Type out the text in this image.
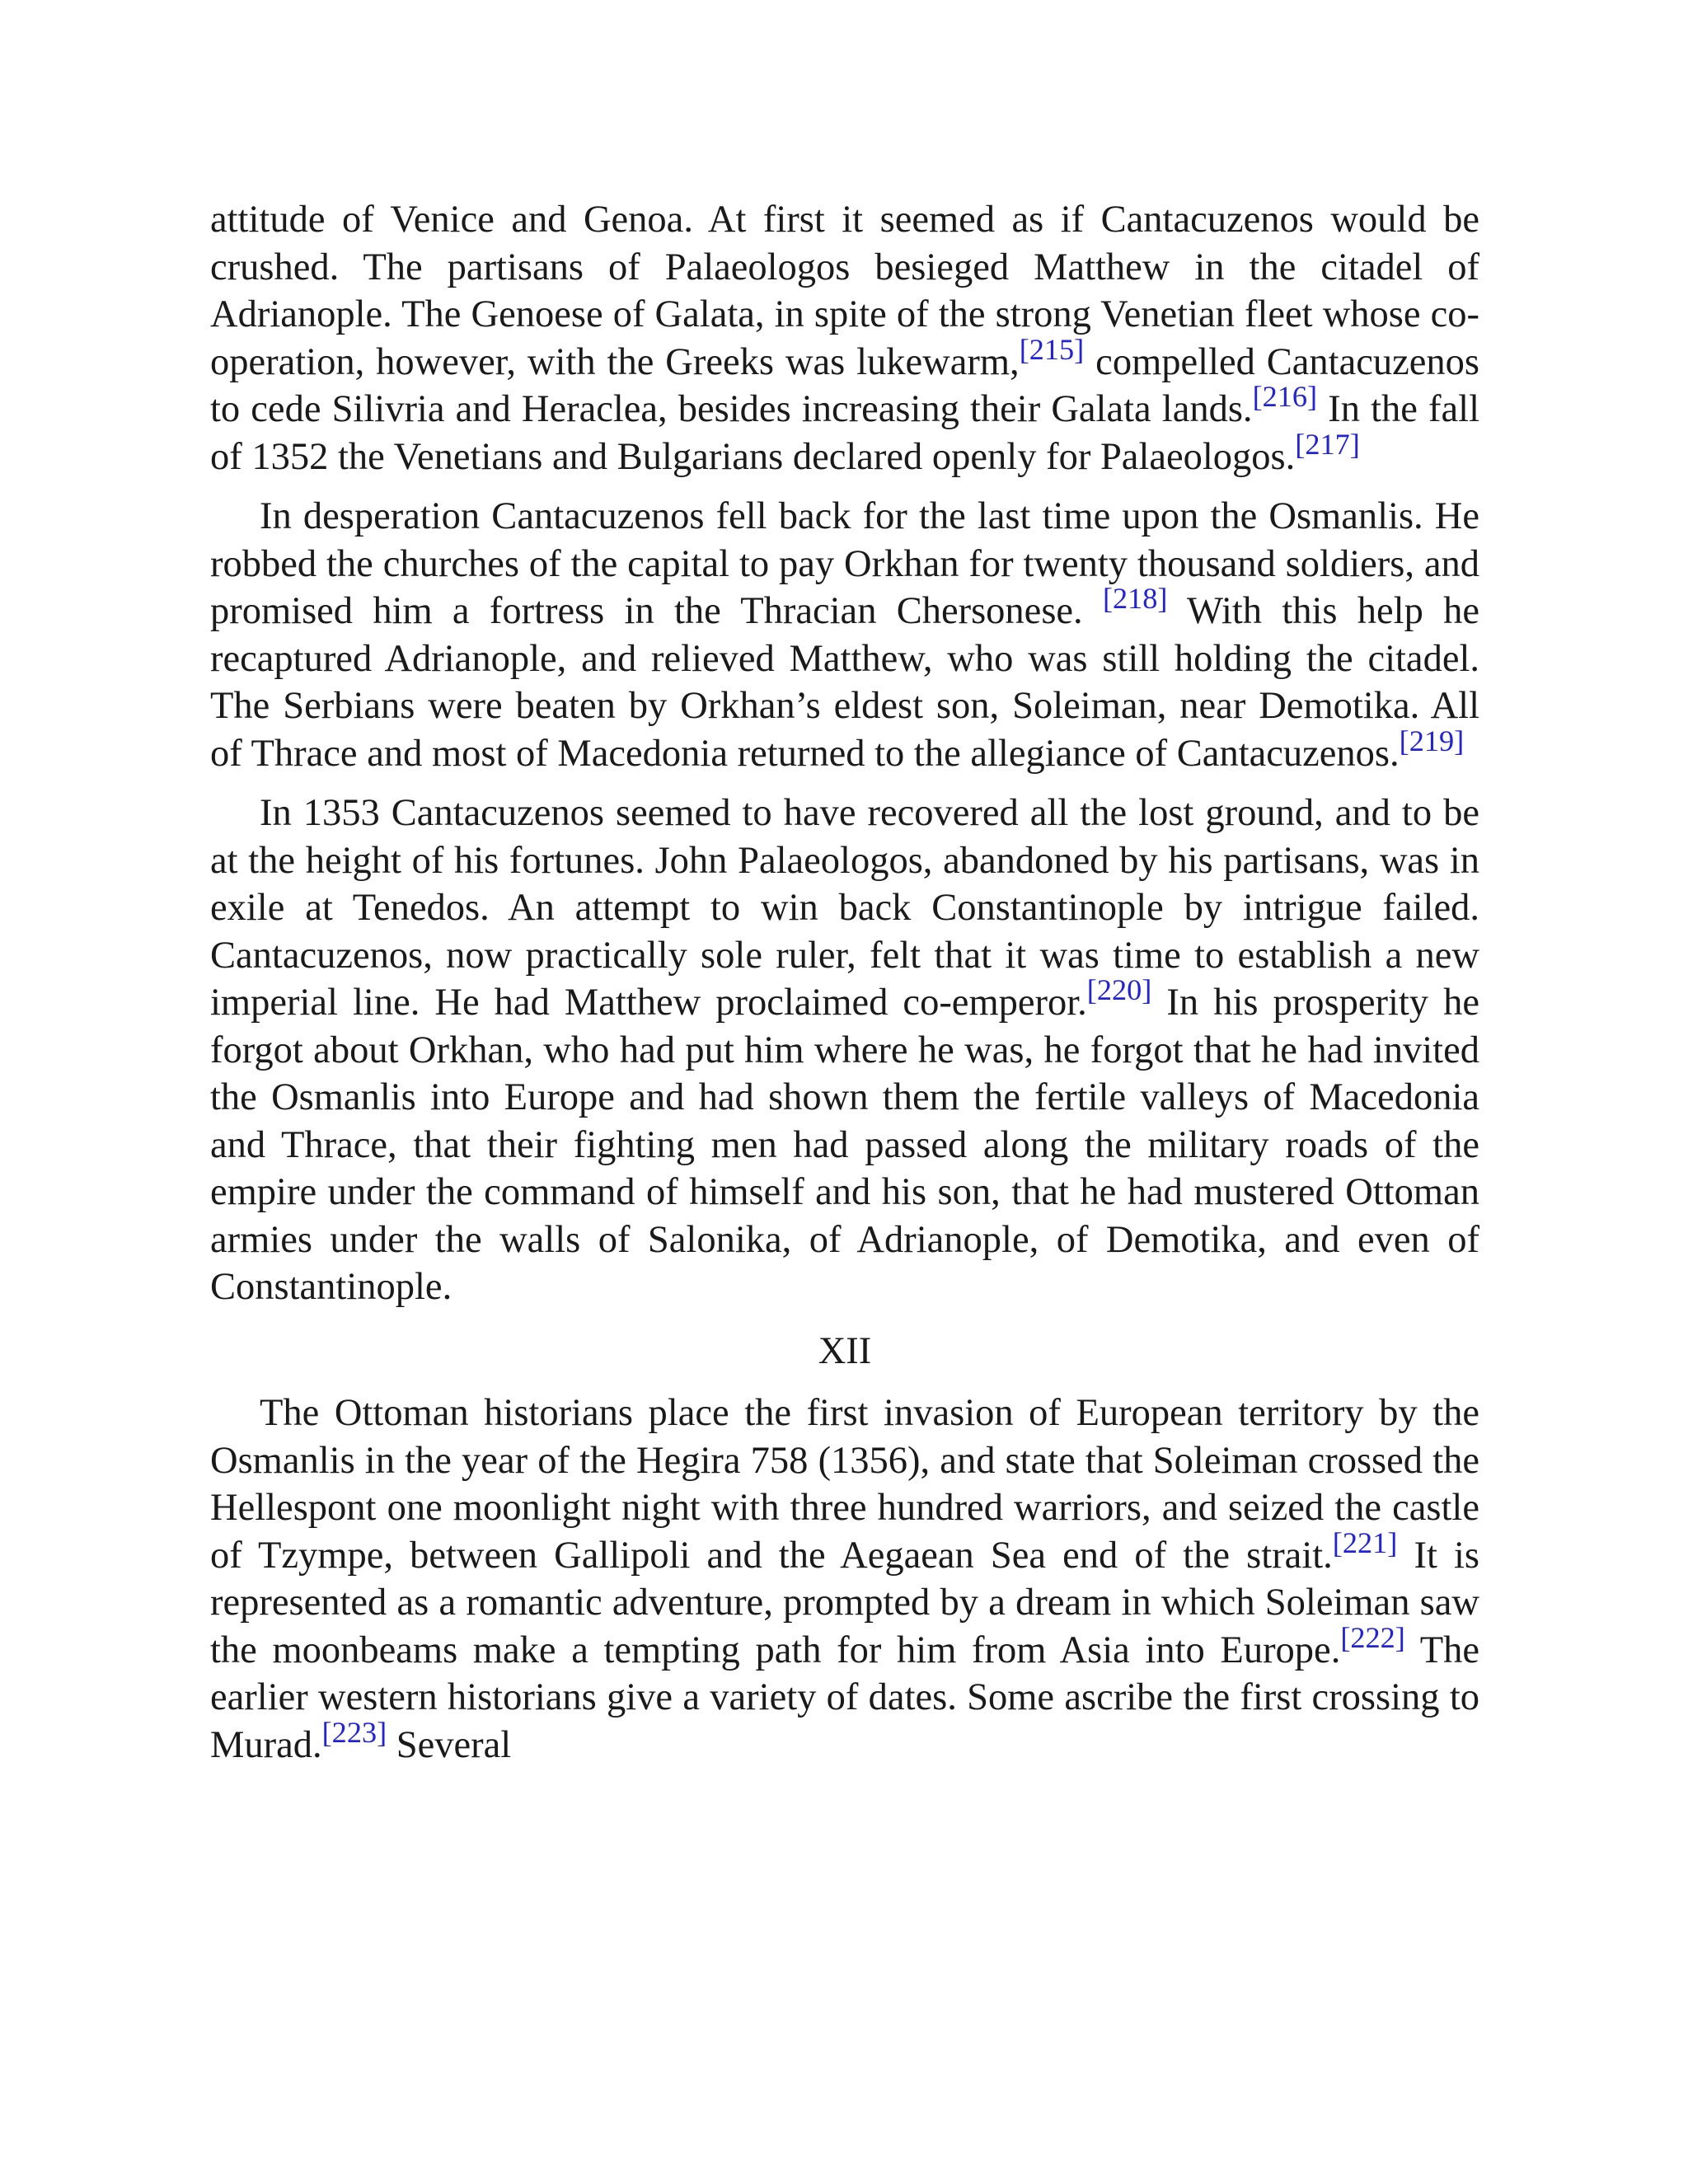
attitude of Venice and Genoa. At first it seemed as if Cantacuzenos would be crushed. The partisans of Palaeologos besieged Matthew in the citadel of Adrianople. The Genoese of Galata, in spite of the strong Venetian fleet whose co-operation, however, with the Greeks was lukewarm,[215] compelled Cantacuzenos to cede Silivria and Heraclea, besides increasing their Galata lands.[216] In the fall of 1352 the Venetians and Bulgarians declared openly for Palaeologos.[217]

In desperation Cantacuzenos fell back for the last time upon the Osmanlis. He robbed the churches of the capital to pay Orkhan for twenty thousand soldiers, and promised him a fortress in the Thracian Chersonese. [218] With this help he recaptured Adrianople, and relieved Matthew, who was still holding the citadel. The Serbians were beaten by Orkhan’s eldest son, Soleiman, near Demotika. All of Thrace and most of Macedonia returned to the allegiance of Cantacuzenos.[219]

In 1353 Cantacuzenos seemed to have recovered all the lost ground, and to be at the height of his fortunes. John Palaeologos, abandoned by his partisans, was in exile at Tenedos. An attempt to win back Constantinople by intrigue failed. Cantacuzenos, now practically sole ruler, felt that it was time to establish a new imperial line. He had Matthew proclaimed co-emperor.[220] In his prosperity he forgot about Orkhan, who had put him where he was, he forgot that he had invited the Osmanlis into Europe and had shown them the fertile valleys of Macedonia and Thrace, that their fighting men had passed along the military roads of the empire under the command of himself and his son, that he had mustered Ottoman armies under the walls of Salonika, of Adrianople, of Demotika, and even of Constantinople.

XII

The Ottoman historians place the first invasion of European territory by the Osmanlis in the year of the Hegira 758 (1356), and state that Soleiman crossed the Hellespont one moonlight night with three hundred warriors, and seized the castle of Tzympe, between Gallipoli and the Aegaean Sea end of the strait.[221] It is represented as a romantic adventure, prompted by a dream in which Soleiman saw the moonbeams make a tempting path for him from Asia into Europe.[222] The earlier western historians give a variety of dates. Some ascribe the first crossing to Murad.[223] Several
